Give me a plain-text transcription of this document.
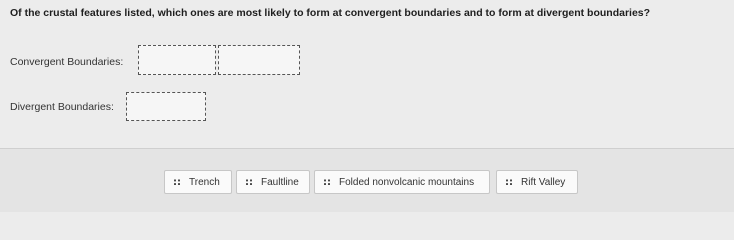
Of the crustal features listed, which ones are most likely to form at convergent boundaries and to form at divergent boundaries?
Convergent Boundaries:
Divergent Boundaries:
:: Trench	:: Faultline :: Folded nonvolcanic mountains	:: Rift Valley
